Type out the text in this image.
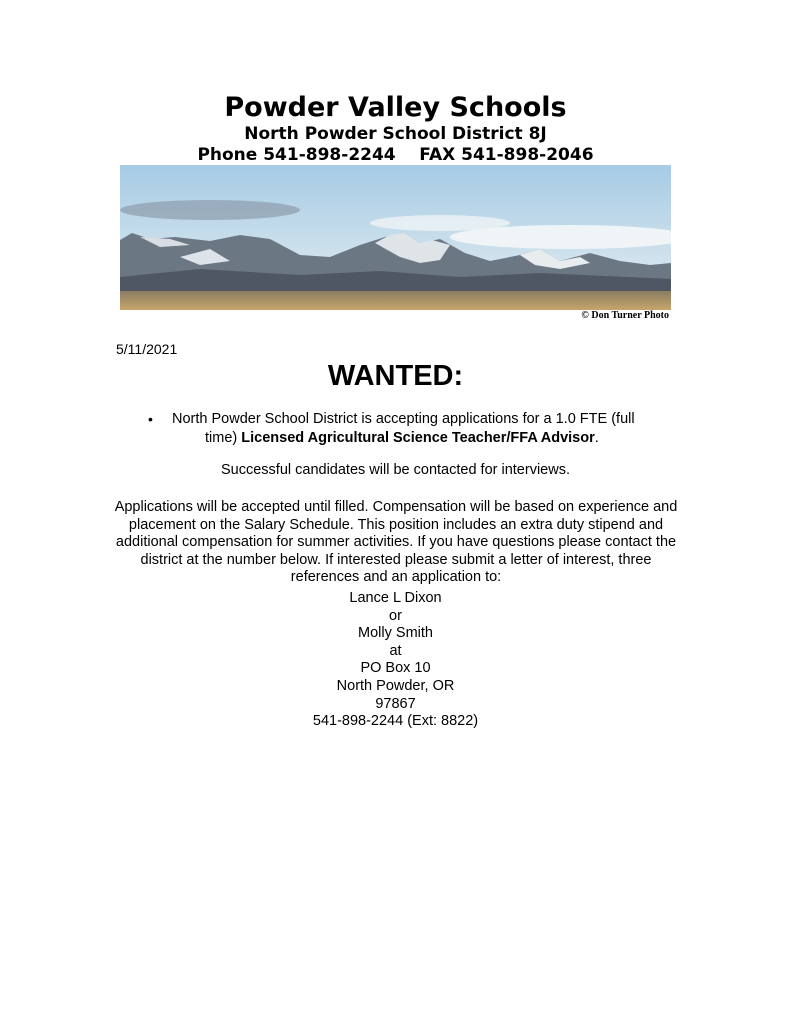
Powder Valley Schools

North Powder School District 8J

Phone 541-898-2244    FAX 541-898-2046

© Don Turner Photo
5/11/2021

WANTED:

• North Powder School District is accepting applications for a 1.0 FTE (full
time) Licensed Agricultural Science Teacher/FFA Advisor.
Successful candidates will be contacted for interviews.
Applications will be accepted until filled. Compensation will be based on experience and placement on the Salary Schedule. This position includes an extra duty stipend and additional compensation for summer activities. If you have questions please contact the district at the number below. If interested please submit a letter of interest, three references and an application to:
Lance L Dixon
or
Molly Smith
at
PO Box 10
North Powder, OR
97867
541-898-2244 (Ext: 8822)
